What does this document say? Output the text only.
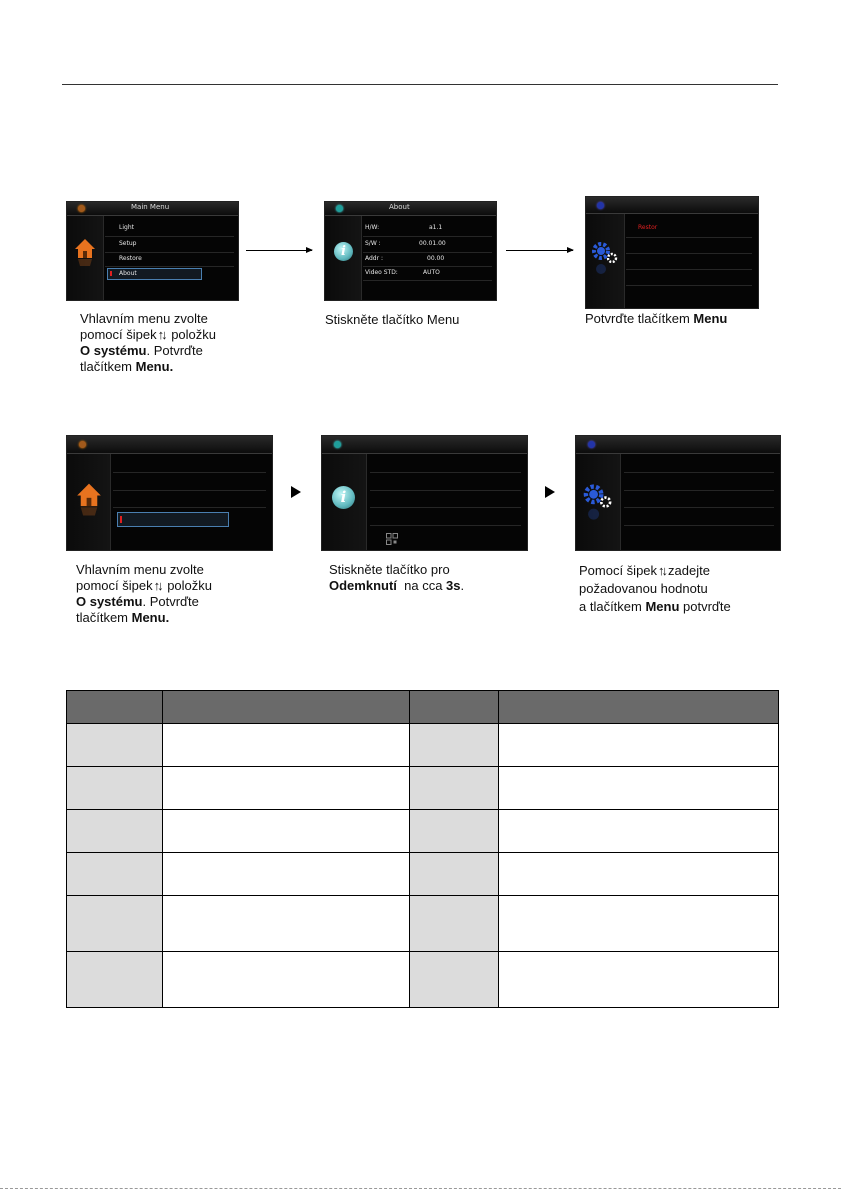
Main Menu
Light
Setup
Restore
About
About
i
H/W:	a1.1
S/W :	00.01.00
Addr :	00.00
Video STD:	AUTO
Restor
Vhlavním menu zvolte
pomocí šipek↑↓ položku
O systému. Potvrďte
tlačítkem Menu.
Stiskněte tlačítko Menu	Potvrďte tlačítkem Menu
i
Vhlavním menu zvolte
pomocí šipek↑↓ položku
O systému. Potvrďte
tlačítkem Menu.
Stiskněte tlačítko pro
Odemknutí  na cca 3s.
Pomocí šipek↑↓ zadejte
požadovanou hodnotu
a tlačítkem Menu potvrďte
